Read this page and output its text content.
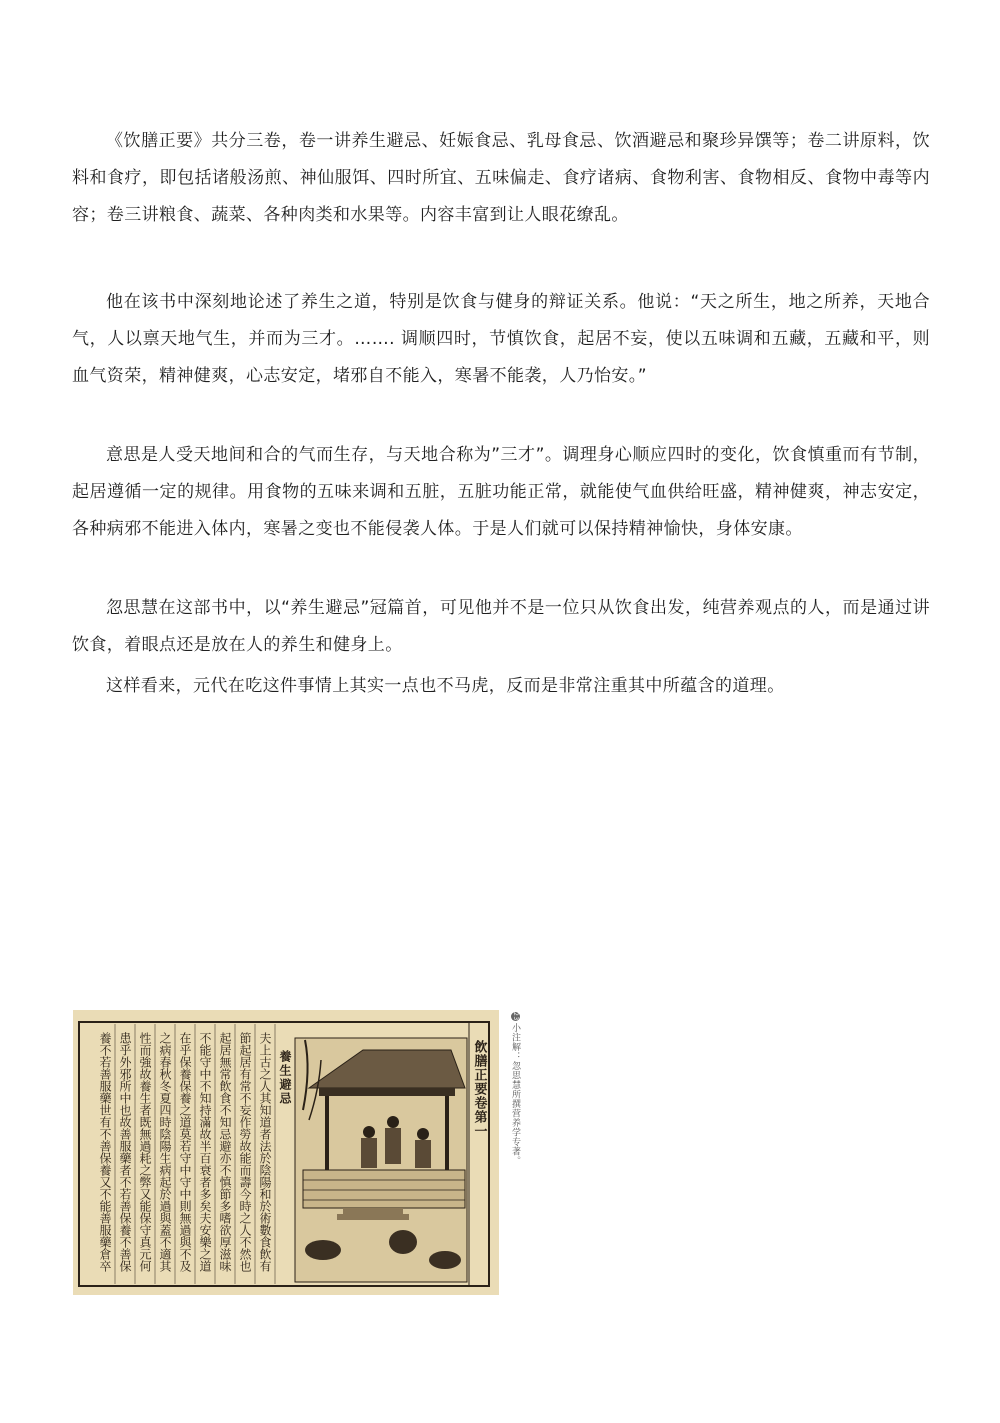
《饮膳正要》共分三卷，卷一讲养生避忌、妊娠食忌、乳母食忌、饮酒避忌和聚珍异馔等；卷二讲原料，饮料和食疗，即包括诸般汤煎、神仙服饵、四时所宜、五味偏走、食疗诸病、食物利害、食物相反、食物中毒等内容；卷三讲粮食、蔬菜、各种肉类和水果等。内容丰富到让人眼花缭乱。

他在该书中深刻地论述了养生之道，特别是饮食与健身的辩证关系。他说：“天之所生，地之所养，天地合气，人以禀天地气生，并而为三才。……. 调顺四时，节慎饮食，起居不妄，使以五味调和五藏，五藏和平，则血气资荣，精神健爽，心志安定，堵邪自不能入，寒暑不能袭，人乃怡安。”

意思是人受天地间和合的气而生存，与天地合称为”三才”。调理身心顺应四时的变化，饮食慎重而有节制，起居遵循一定的规律。用食物的五味来调和五脏，五脏功能正常，就能使气血供给旺盛，精神健爽，神志安定，各种病邪不能进入体内，寒暑之变也不能侵袭人体。于是人们就可以保持精神愉快，身体安康。

忽思慧在这部书中，以“养生避忌”冠篇首，可见他并不是一位只从饮食出发，纯营养观点的人，而是通过讲饮食，着眼点还是放在人的养生和健身上。

这样看来，元代在吃这件事情上其实一点也不马虎，反而是非常注重其中所蕴含的道理。

飲膳正要卷第一
養生避忌
夫上古之人其知道者法於陰陽和於術數食飲有
節起居有常不妄作勞故能而壽今時之人不然也
起居無常飲食不知忌避亦不慎節多嗜欲厚滋味
不能守中不知持滿故半百衰者多矣夫安樂之道
在乎保養保養之道莫若守中守中則無過與不及
之病春秋冬夏四時陰陽生病起於過與蓋不適其
性而強故養生者既無過耗之弊又能保守真元何
患乎外邪所中也故善服藥者不若善保養不善保
養不若善服藥世有不善保養又不能善服藥倉卒
23小注解：忽思慧所撰营养学专著。
